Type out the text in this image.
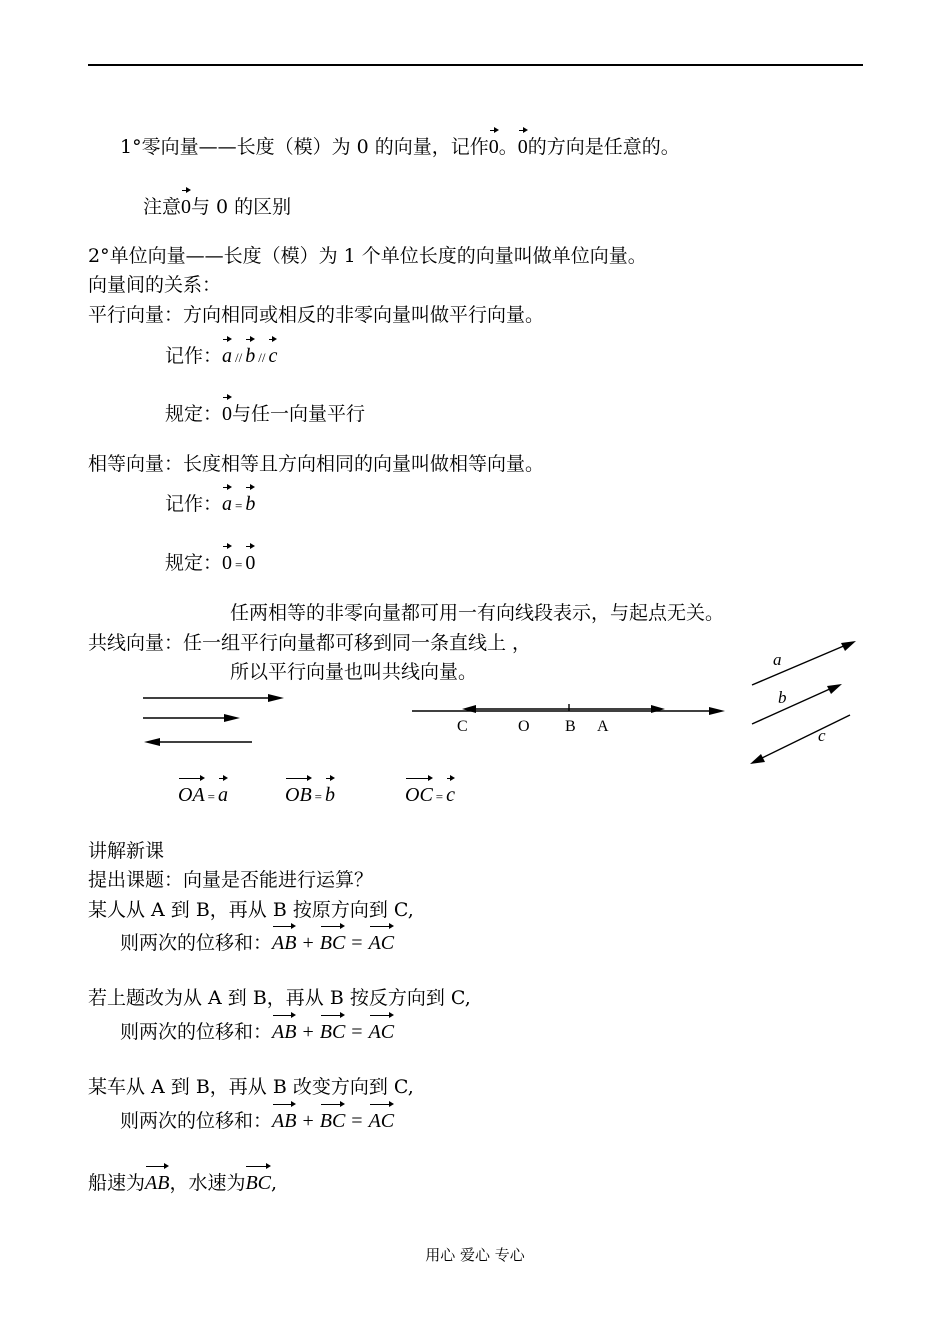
1°零向量——长度（模）为 0 的向量，记作0。0的方向是任意的。
注意0与 0 的区别
2°单位向量——长度（模）为 1 个单位长度的向量叫做单位向量。
向量间的关系：
平行向量：方向相同或相反的非零向量叫做平行向量。
记作：a // b // c
规定：0与任一向量平行
相等向量：长度相等且方向相同的向量叫做相等向量。
记作：a = b
规定：0 = 0
任两相等的非零向量都可用一有向线段表示，与起点无关。
共线向量：任一组平行向量都可移到同一条直线上 ，
所以平行向量也叫共线向量。
C	O B A
a
b
c
OA = a	OB = b	OC = c
讲解新课
提出课题：向量是否能进行运算？
某人从 A 到 B，再从 B 按原方向到 C,
则两次的位移和：AB + BC = AC
若上题改为从 A 到 B，再从 B 按反方向到 C,
则两次的位移和：AB + BC = AC
某车从 A 到 B，再从 B 改变方向到 C,
则两次的位移和：AB + BC = AC
船速为AB，水速为BC,
用心 爱心 专心
